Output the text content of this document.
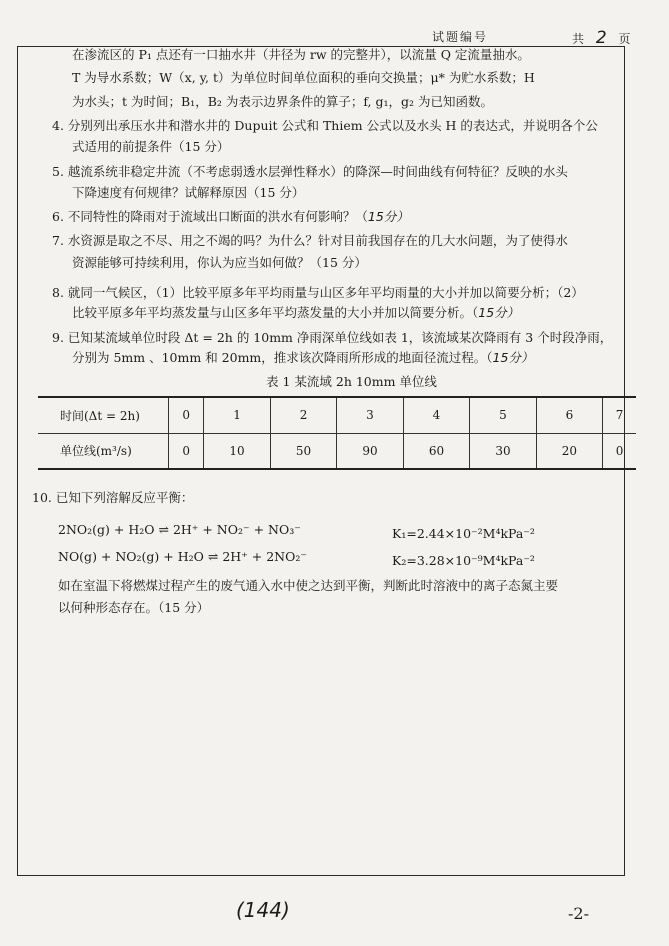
试题编号	共 2 页
在渗流区的 P₁ 点还有一口抽水井（井径为 rw 的完整井），以流量 Q 定流量抽水。
T 为导水系数；W（x, y, t）为单位时间单位面积的垂向交换量；μ* 为贮水系数；H
为水头；t 为时间；B₁，B₂ 为表示边界条件的算子；f, g₁，g₂ 为已知函数。
4. 分别列出承压水井和潜水井的 Dupuit 公式和 Thiem 公式以及水头 H 的表达式，并说明各个公
式适用的前提条件（15 分）
5. 越流系统非稳定井流（不考虑弱透水层弹性释水）的降深—时间曲线有何特征？反映的水头
下降速度有何规律？试解释原因（15 分）
6. 不同特性的降雨对于流域出口断面的洪水有何影响？（15分）
7. 水资源是取之不尽、用之不竭的吗？为什么？针对目前我国存在的几大水问题，为了使得水
资源能够可持续利用，你认为应当如何做？（15 分）
8. 就同一气候区，（1）比较平原多年平均雨量与山区多年平均雨量的大小并加以简要分析；（2）
比较平原多年平均蒸发量与山区多年平均蒸发量的大小并加以简要分析。（15分）
9. 已知某流域单位时段 Δt = 2h 的 10mm 净雨深单位线如表 1，该流域某次降雨有 3 个时段净雨，
分别为 5mm 、10mm 和 20mm，推求该次降雨所形成的地面径流过程。（15分）
表 1 某流域 2h 10mm 单位线
时间(Δt = 2h)	0	1	2	3	4	5	6	7
单位线(m³/s)	0	10	50	90	60	30	20	0
10. 已知下列溶解反应平衡：
2NO₂(g) + H₂O ⇌ 2H⁺ + NO₂⁻ + NO₃⁻	K₁=2.44×10⁻²M⁴kPa⁻²
NO(g) + NO₂(g) + H₂O ⇌ 2H⁺ + 2NO₂⁻	K₂=3.28×10⁻⁹M⁴kPa⁻²
如在室温下将燃煤过程产生的废气通入水中使之达到平衡，判断此时溶液中的离子态氮主要
以何种形态存在。（15 分）
(144)	-2-
